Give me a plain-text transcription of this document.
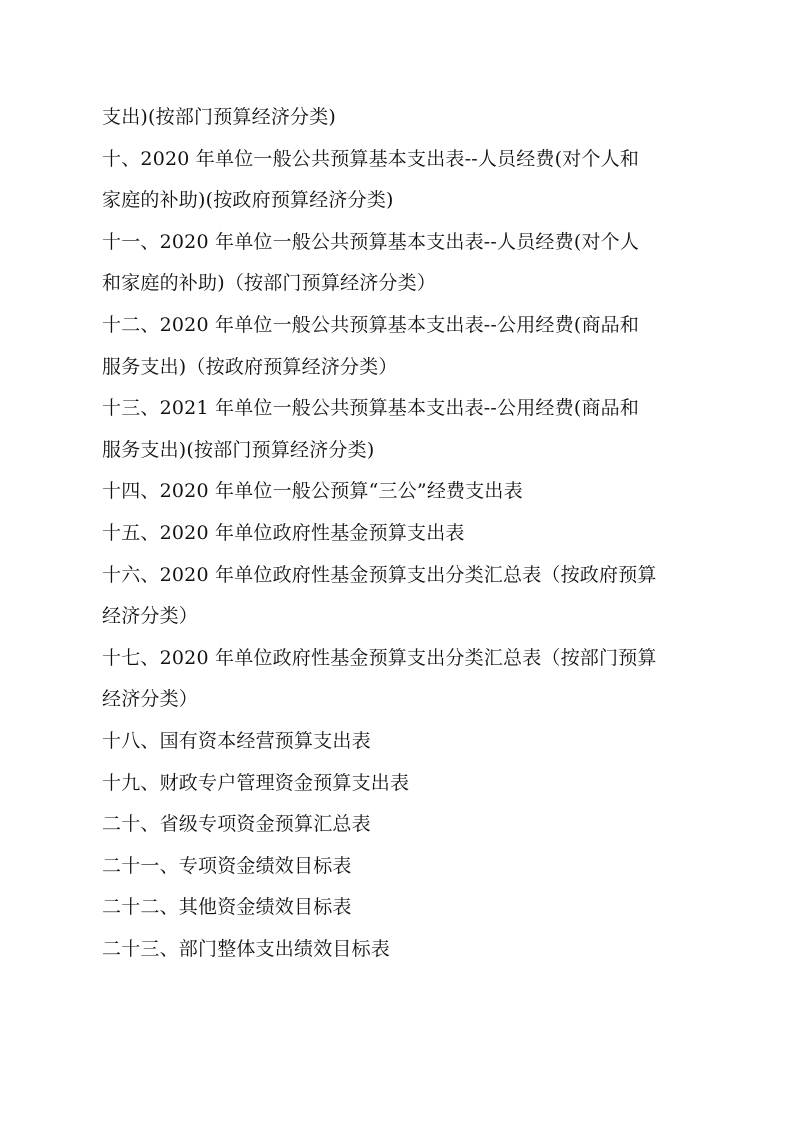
支出)(按部门预算经济分类)
十、2020 年单位一般公共预算基本支出表--人员经费(对个人和
家庭的补助)(按政府预算经济分类)
十一、2020 年单位一般公共预算基本支出表--人员经费(对个人
和家庭的补助)（按部门预算经济分类）
十二、2020 年单位一般公共预算基本支出表--公用经费(商品和
服务支出)（按政府预算经济分类）
十三、2021 年单位一般公共预算基本支出表--公用经费(商品和
服务支出)(按部门预算经济分类)
十四、2020 年单位一般公预算“三公”经费支出表
十五、2020 年单位政府性基金预算支出表
十六、2020 年单位政府性基金预算支出分类汇总表（按政府预算
经济分类）
十七、2020 年单位政府性基金预算支出分类汇总表（按部门预算
经济分类）
十八、国有资本经营预算支出表
十九、财政专户管理资金预算支出表
二十、省级专项资金预算汇总表
二十一、专项资金绩效目标表
二十二、其他资金绩效目标表
二十三、部门整体支出绩效目标表
